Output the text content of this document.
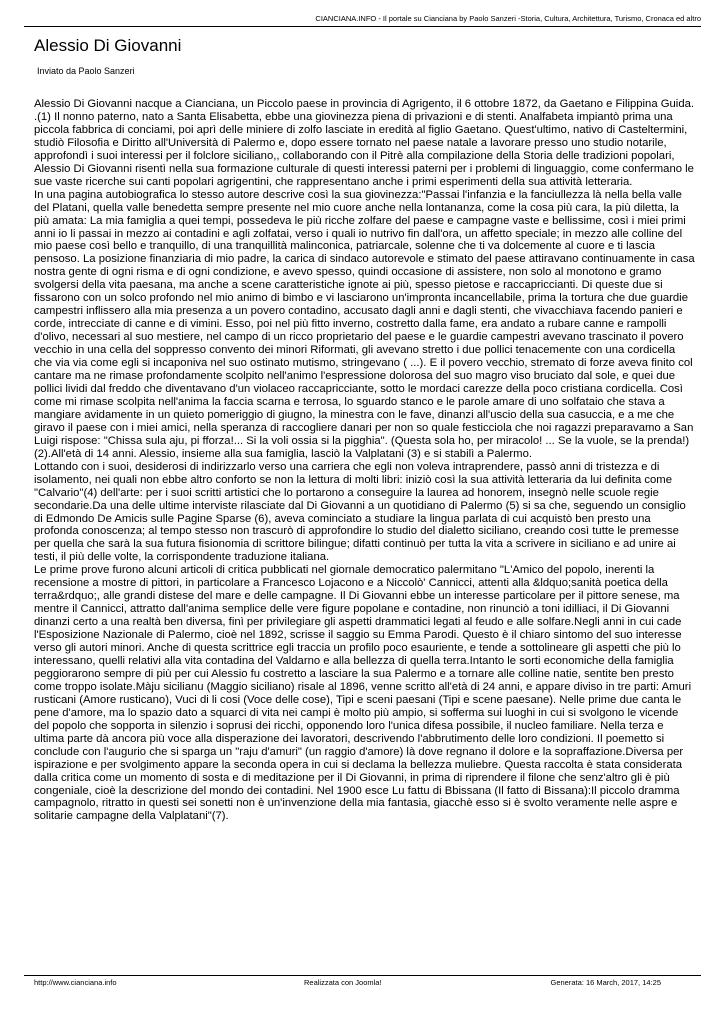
CIANCIANA.INFO - Il portale su Cianciana by Paolo Sanzeri -Storia, Cultura, Architettura, Turismo, Cronaca ed altro
Alessio Di Giovanni
Inviato da Paolo Sanzeri

Alessio Di Giovanni nacque a Cianciana, un Piccolo paese in provincia di Agrigento, il 6 ottobre 1872, da Gaetano e Filippina Guida.

.(1) Il nonno paterno, nato a Santa Elisabetta, ebbe una giovinezza piena di privazioni e di stenti. Analfabeta impiantò prima una piccola fabbrica di conciami, poi aprì delle miniere di zolfo lasciate in eredità al figlio Gaetano. Quest'ultimo, nativo di Casteltermini, studiò Filosofia e Diritto all'Università di Palermo e, dopo essere tornato nel paese natale a lavorare presso uno studio notarile, approfondì i suoi interessi per il folclore siciliano,, collaborando con il Pitrè alla compilazione della Storia delle tradizioni popolari, Alessio Di Giovanni risentì nella sua formazione culturale di questi interessi paterni per i problemi di linguaggio, come confermano le sue vaste ricerche sui canti popolari agrigentini, che rappresentano anche i primi esperimenti della sua attività letteraria.

In una pagina autobiografica lo stesso autore descrive così la sua giovinezza:"Passai l'infanzia e la fanciullezza là nella bella valle del Platani, quella valle benedetta sempre presente nel mio cuore anche nella lontananza, come la cosa più cara, la più diletta, la più amata: La mia famiglia a quei tempi, possedeva le più ricche zolfare del paese e campagne vaste e bellissime, così i miei primi anni io li passai in mezzo ai contadini e agli zolfatai, verso i quali io nutrivo fin dall'ora, un affetto speciale; in mezzo alle colline del mio paese così bello e tranquillo, di una tranquillità malinconica, patriarcale, solenne che ti va dolcemente al cuore e ti lascia pensoso. La posizione finanziaria di mio padre, la carica di sindaco autorevole e stimato del paese attiravano continuamente in casa nostra gente di ogni risma e di ogni condizione, e avevo spesso, quindi occasione di assistere, non solo al monotono e gramo svolgersi della vita paesana, ma anche a scene caratteristiche ignote ai più, spesso pietose e raccapriccianti. Di queste due si fissarono con un solco profondo nel mio animo di bimbo e vi lasciarono un'impronta incancellabile, prima la tortura che due guardie campestri inflissero alla mia presenza a un povero contadino, accusato dagli anni e dagli stenti, che vivacchiava facendo panieri e corde, intrecciate di canne e di vimini. Esso, poi nel più fitto inverno, costretto dalla fame, era andato a rubare canne e rampolli d'olivo, necessari al suo mestiere, nel campo di un ricco proprietario del paese e le guardie campestri avevano trascinato il povero vecchio in una cella del soppresso convento dei minori Riformati, gli avevano stretto i due pollici tenacemente con una cordicella che via via come egli si incaponiva nel suo ostinato mutismo, stringevano ( ...). E il povero vecchio, stremato di forze aveva finito col cantare ma ne rimase profondamente scolpito nell'animo l'espressione dolorosa del suo magro viso bruciato dal sole, e quei due pollici lividi dal freddo che diventavano d'un violaceo raccapricciante, sotto le mordaci carezze della poco cristiana cordicella. Così come mi rimase scolpita nell'anima la faccia scarna e terrosa, lo sguardo stanco e le parole amare di uno solfataio che stava a mangiare avidamente in un quieto pomeriggio di giugno, la minestra con le fave, dinanzi all'uscio della sua casuccia, e a me che giravo il paese con i miei amici, nella speranza di raccogliere danari per non so quale festicciola che noi ragazzi preparavamo a San Luigi rispose: "Chissa sula aju, pi fforza!... Si la voli ossia si la pigghia". (Questa sola ho, per miracolo! ... Se la vuole, se la prenda!) (2).All'età di 14 anni. Alessio, insieme alla sua famiglia, lasciò la Valplatani (3) e si stabilì a Palermo.

Lottando con i suoi, desiderosi di indirizzarlo verso una carriera che egli non voleva intraprendere, passò anni di tristezza e di isolamento, nei quali non ebbe altro conforto se non la lettura di molti libri: iniziò così la sua attività letteraria da lui definita come "Calvario"(4) dell'arte: per i suoi scritti artistici che lo portarono a conseguire la laurea ad honorem, insegnò nelle scuole regie secondarie.Da una delle ultime interviste rilasciate dal Di Giovanni a un quotidiano di Palermo (5) si sa che, seguendo un consiglio di Edmondo De Amicis sulle Pagine Sparse (6), aveva cominciato a studiare la lingua parlata di cui acquistò ben presto una profonda conoscenza; al tempo stesso non trascurò di approfondire lo studio del dialetto siciliano, creando così tutte le premesse per quella che sarà la sua futura fisionomia di scrittore bilingue; difatti continuò per tutta la vita a scrivere in siciliano e ad unire ai testi, il più delle volte, la corrispondente traduzione italiana.

Le prime prove furono alcuni articoli di critica pubblicati nel giornale democratico palermitano "L'Amico del popolo, inerenti la recensione a mostre di pittori, in particolare a Francesco Lojacono e a Niccolò' Cannicci, attenti alla &ldquo;sanità poetica della terra&rdquo;, alle grandi distese del mare e delle campagne. Il Di Giovanni ebbe un interesse particolare per il pittore senese, ma mentre il Cannicci, attratto dall'anima semplice delle vere figure popolane e contadine, non rinunciò a toni idilliaci, il Di Giovanni dinanzi certo a una realtà ben diversa, finì per privilegiare gli aspetti drammatici legati al feudo e alle solfare.Negli anni in cui cade l'Esposizione Nazionale di Palermo, cioè nel 1892, scrisse il saggio su Emma Parodi. Questo è il chiaro sintomo del suo interesse verso gli autori minori. Anche di questa scrittrice egli traccia un profilo poco esauriente, e tende a sottolineare gli aspetti che più lo interessano, quelli relativi alla vita contadina del Valdarno e alla bellezza di quella terra.Intanto le sorti economiche della famiglia peggiorarono sempre di più per cui Alessio fu costretto a lasciare la sua Palermo e a tornare alle colline natie, sentite ben presto come troppo isolate.Màju sicilianu (Maggio siciliano) risale al 1896, venne scritto all'età di 24 anni, e appare diviso in tre parti: Amuri rusticani (Amore rusticano), Vuci di li cosi (Voce delle cose), Tipi e sceni paesani (Tipi e scene paesane). Nelle prime due canta le pene d'amore, ma lo spazio dato a squarci di vita nei campi è molto più ampio, si sofferma sui luoghi in cui si svolgono le vicende del popolo che sopporta in silenzio i soprusi dei ricchi, opponendo loro l'unica difesa possibile, il nucleo familiare. Nella terza e ultima parte dà ancora più voce alla disperazione dei lavoratori, descrivendo l'abbrutimento delle loro condizioni. Il poemetto si conclude con l'augurio che si sparga un "raju d'amuri" (un raggio d'amore) là dove regnano il dolore e la sopraffazione.Diversa per ispirazione e per svolgimento appare la seconda opera in cui si declama la bellezza muliebre. Questa raccolta è stata considerata dalla critica come un momento di sosta e di meditazione per il Di Giovanni, in prima di riprendere il filone che senz'altro gli è più congeniale, cioè la descrizione del mondo dei contadini. Nel 1900 esce Lu fattu di Bbissana (Il fatto di Bissana):Il piccolo dramma campagnolo, ritratto in questi sei sonetti non è un'invenzione della mia fantasia, giacchè esso si è svolto veramente nelle aspre e solitarie campagne della Valplatani"(7).

http://www.cianciana.info	Realizzata con Joomla!	Generata: 16 March, 2017, 14:25
